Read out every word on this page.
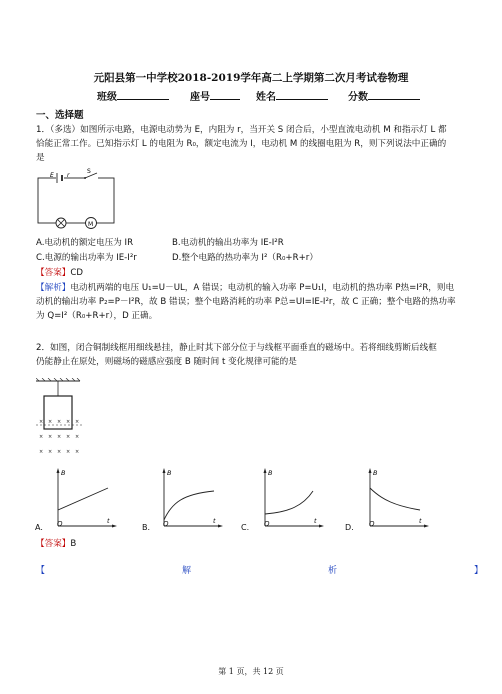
元阳县第一中学校2018-2019学年高二上学期第二次月考试卷物理
班级	座号	姓名	分数
一、选择题
1．（多选）如图所示电路，电源电动势为 E，内阻为 r，当开关 S 闭合后，小型直流电动机 M 和指示灯 L 都
恰能正常工作。已知指示灯 L 的电阻为 R₀，额定电流为 I，电动机 M 的线圈电阻为 R，则下列说法中正确的
是
E r
S
M
A.电动机的额定电压为 IR	B.电动机的输出功率为 IE-I²R
C.电源的输出功率为 IE-I²r	D.整个电路的热功率为 I²（R₀+R+r）
【答案】CD
【解析】电动机两端的电压 U₁=U－UL，A 错误；电动机的输入功率 P=U₁I，电动机的热功率 P热=I²R，则电
动机的输出功率 P₂=P－I²R，故 B 错误；整个电路消耗的功率 P总=UI=IE-I²r，故 C 正确；整个电路的热功率
为 Q=I²（R₀+R+r），D 正确。
2．如图，闭合铜制线框用细线悬挂，静止时其下部分位于与线框平面垂直的磁场中。若将细线剪断后线框
仍能静止在原处，则磁场的磁感应强度 B 随时间 t 变化规律可能的是
× × × × ×
× × × × ×
× × × × ×
B
t
A. O
B
t
B. O
B
t
C. O
B
t
D. O
【答案】B
【	解	析	】
第 1 页，共 12 页
